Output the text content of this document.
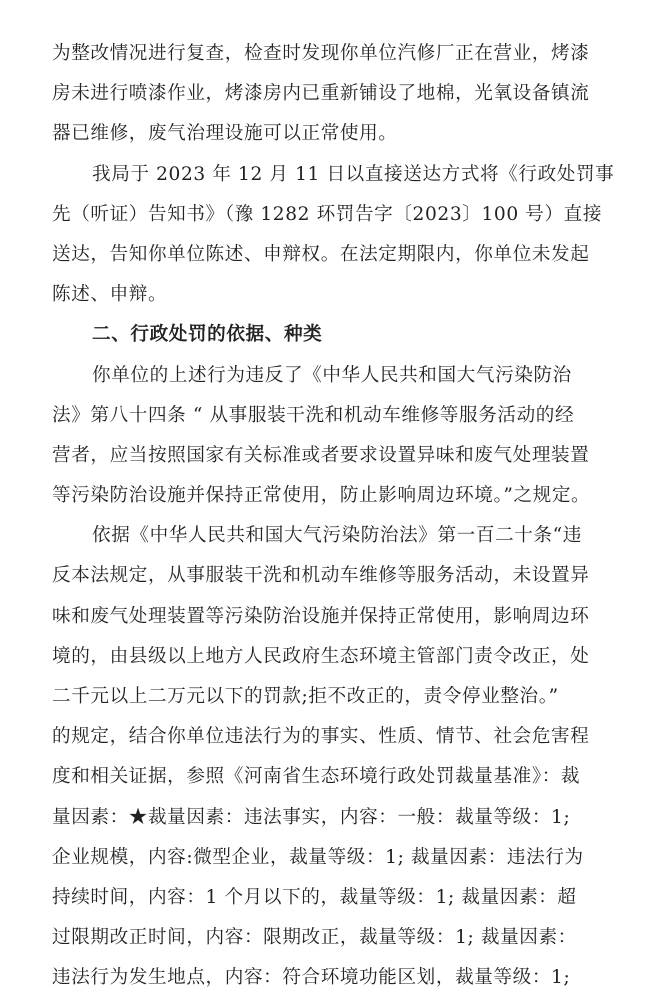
为整改情况进行复查，检查时发现你单位汽修厂正在营业，烤漆
房未进行喷漆作业，烤漆房内已重新铺设了地棉，光氧设备镇流
器已维修，废气治理设施可以正常使用。
我局于 2023 年 12 月 11 日以直接送达方式将《行政处罚事
先（听证）告知书》（豫 1282 环罚告字〔2023〕100 号）直接
送达，告知你单位陈述、申辩权。在法定期限内，你单位未发起
陈述、申辩。
二、行政处罚的依据、种类
你单位的上述行为违反了《中华人民共和国大气污染防治
法》第八十四条 “ 从事服装干洗和机动车维修等服务活动的经
营者，应当按照国家有关标准或者要求设置异味和废气处理装置
等污染防治设施并保持正常使用，防止影响周边环境。”之规定。
依据《中华人民共和国大气污染防治法》第一百二十条“违
反本法规定，从事服装干洗和机动车维修等服务活动，未设置异
味和废气处理装置等污染防治设施并保持正常使用，影响周边环
境的，由县级以上地方人民政府生态环境主管部门责令改正，处
二千元以上二万元以下的罚款;拒不改正的，责令停业整治。”
的规定，结合你单位违法行为的事实、性质、情节、社会危害程
度和相关证据，参照《河南省生态环境行政处罚裁量基准》：裁
量因素：★裁量因素：违法事实，内容：一般：裁量等级：1;
企业规模，内容:微型企业，裁量等级：1; 裁量因素：违法行为
持续时间，内容：1 个月以下的，裁量等级：1; 裁量因素：超
过限期改正时间，内容：限期改正，裁量等级：1; 裁量因素：
违法行为发生地点，内容：符合环境功能区划，裁量等级：1;
